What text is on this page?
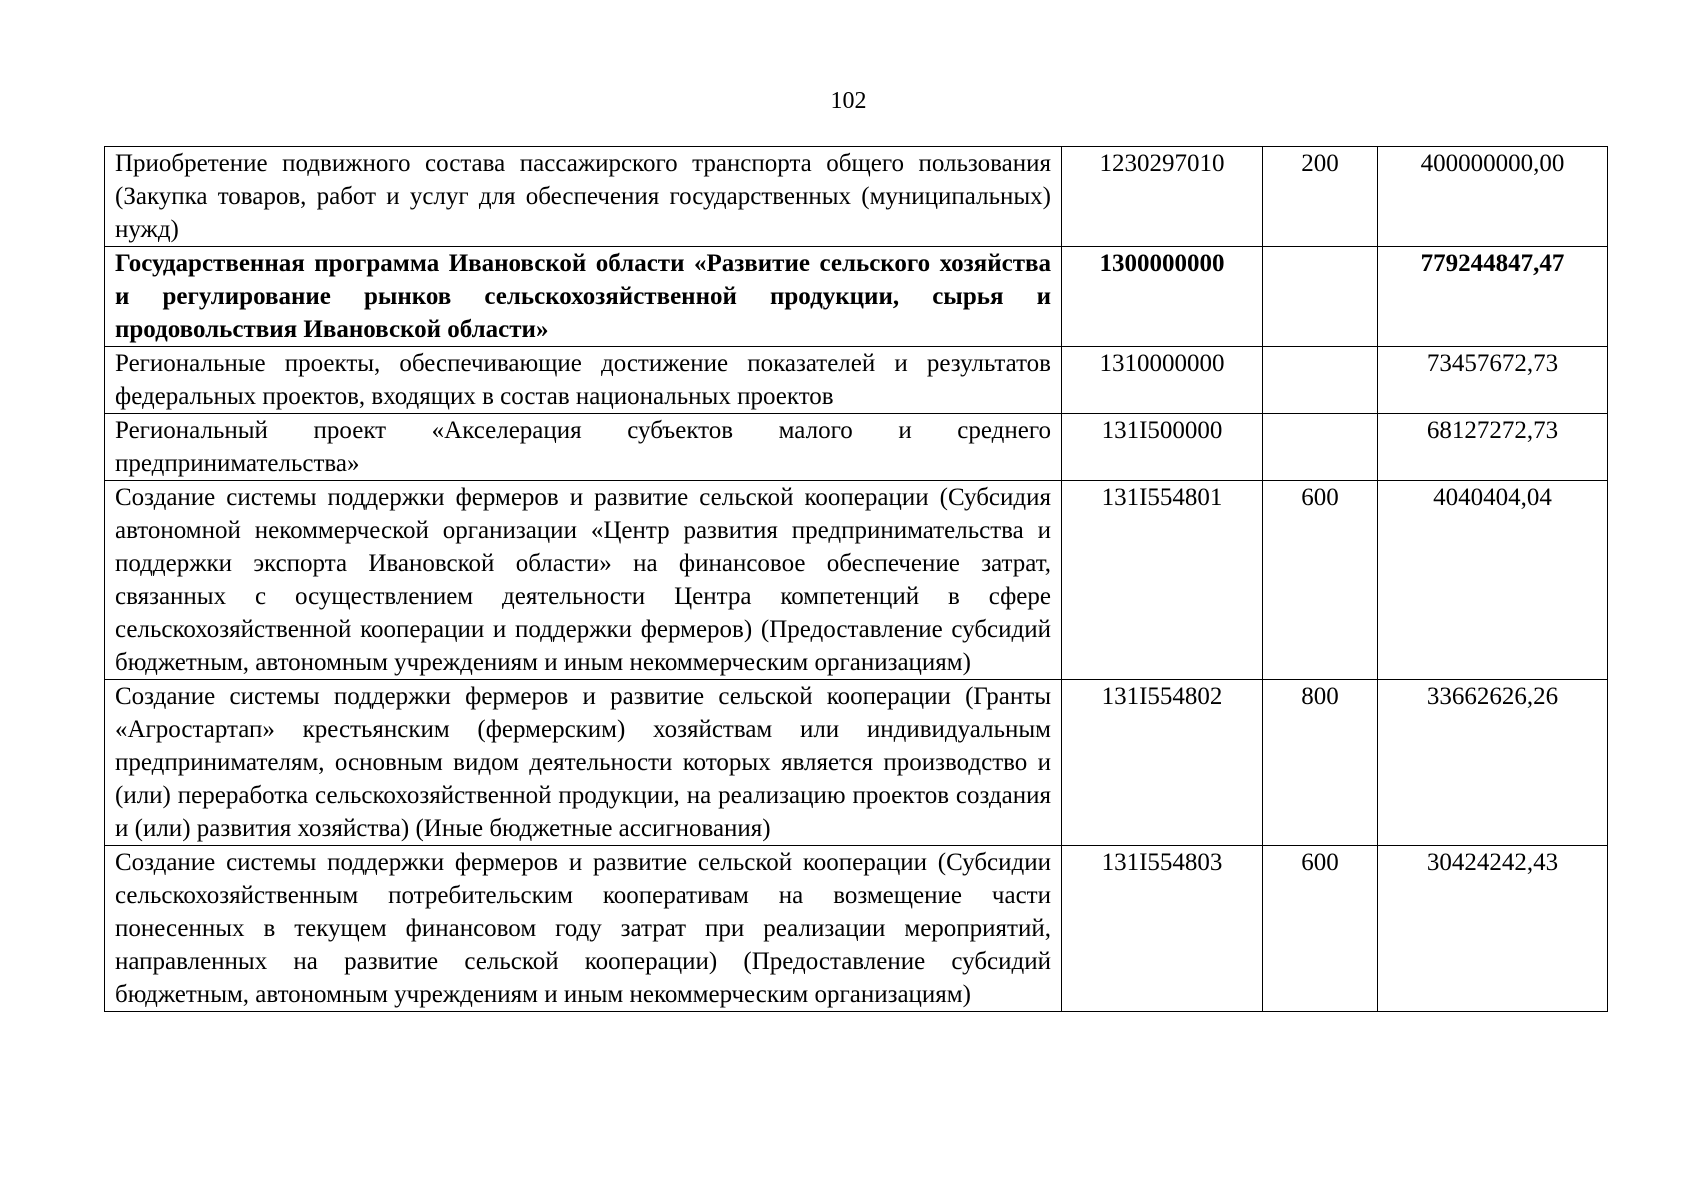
102
Приобретение подвижного состава пассажирского транспорта общего пользования (Закупка товаров, работ и услуг для обеспечения государственных (муниципальных) нужд)	1230297010	200	400000000,00
Государственная программа Ивановской области «Развитие сельского хозяйства и регулирование рынков сельскохозяйственной продукции, сырья и продовольствия Ивановской области»	1300000000		779244847,47
Региональные проекты, обеспечивающие достижение показателей и результатов федеральных проектов, входящих в состав национальных проектов	1310000000		73457672,73
Региональный проект «Акселерация субъектов малого и среднего предпринимательства»	131I500000		68127272,73
Создание системы поддержки фермеров и развитие сельской кооперации (Субсидия автономной некоммерческой организации «Центр развития предпринимательства и поддержки экспорта Ивановской области» на финансовое обеспечение затрат, связанных с осуществлением деятельности Центра компетенций в сфере сельскохозяйственной кооперации и поддержки фермеров) (Предоставление субсидий бюджетным, автономным учреждениям и иным некоммерческим организациям)	131I554801	600	4040404,04
Создание системы поддержки фермеров и развитие сельской кооперации (Гранты «Агростартап» крестьянским (фермерским) хозяйствам или индивидуальным предпринимателям, основным видом деятельности которых является производство и (или) переработка сельскохозяйственной продукции, на реализацию проектов создания и (или) развития хозяйства) (Иные бюджетные ассигнования)	131I554802	800	33662626,26
Создание системы поддержки фермеров и развитие сельской кооперации (Субсидии сельскохозяйственным потребительским кооперативам на возмещение части понесенных в текущем финансовом году затрат при реализации мероприятий, направленных на развитие сельской кооперации) (Предоставление субсидий бюджетным, автономным учреждениям и иным некоммерческим организациям)	131I554803	600	30424242,43
